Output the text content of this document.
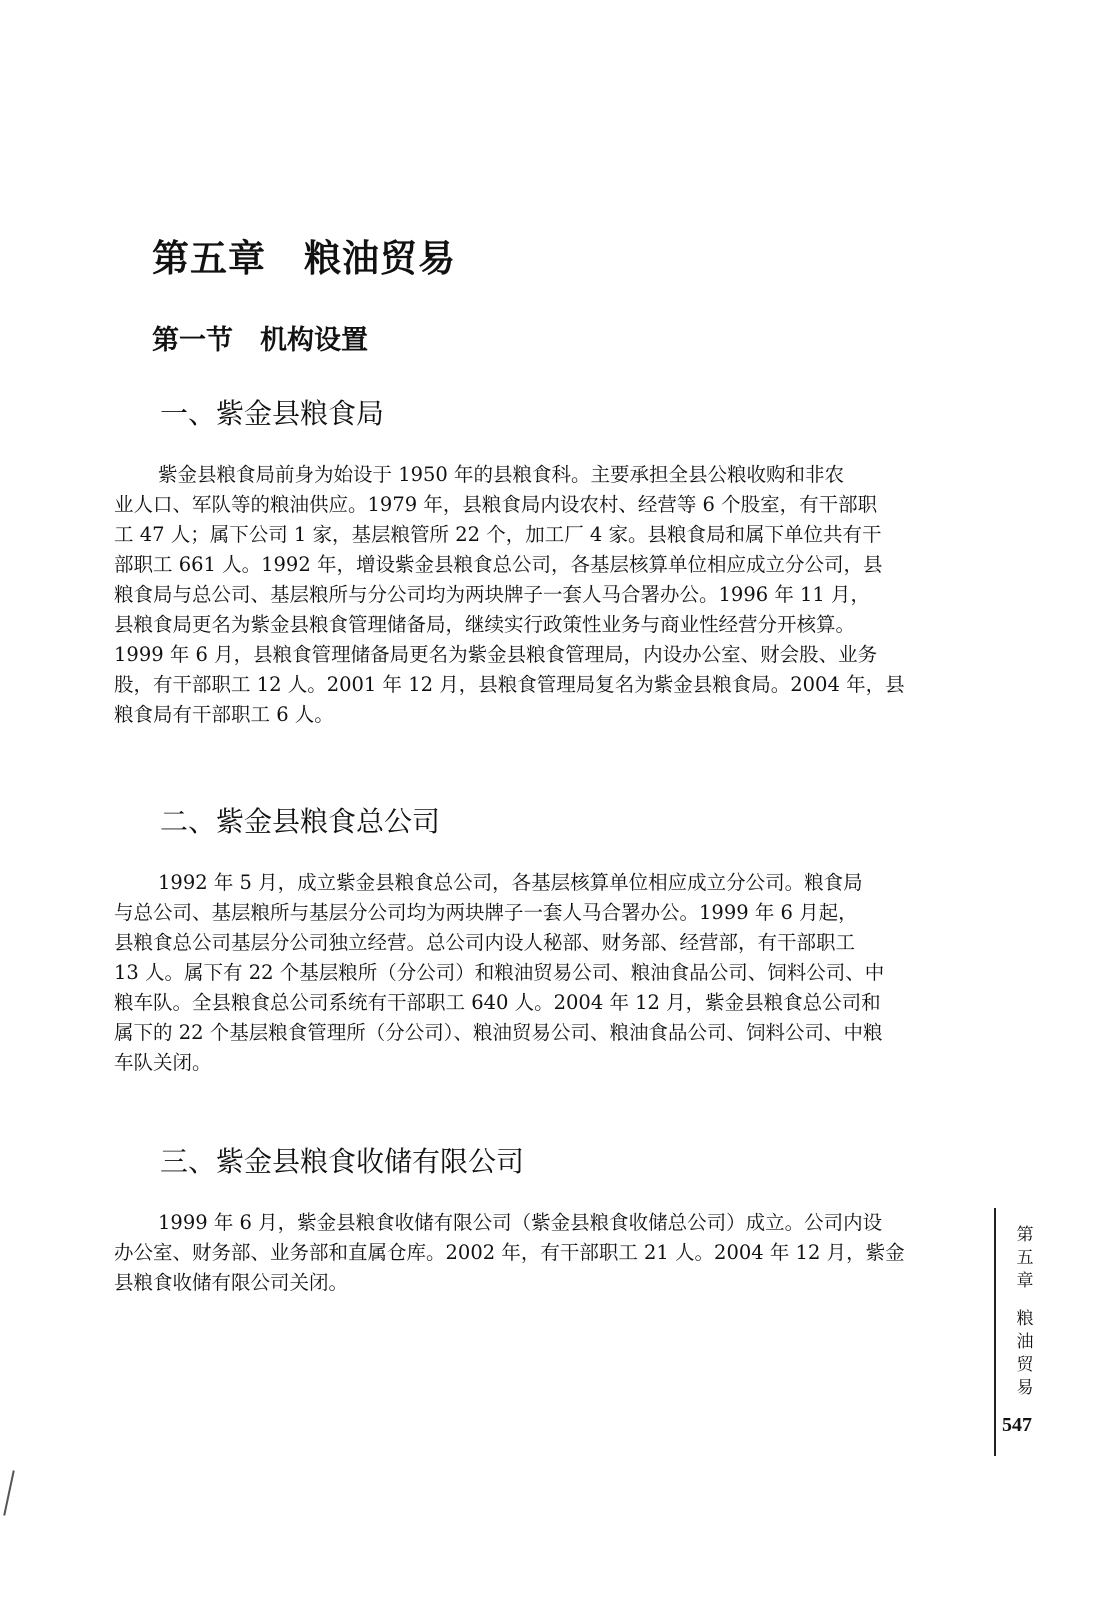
第五章　粮油贸易
第一节　机构设置
一、紫金县粮食局
紫金县粮食局前身为始设于 1950 年的县粮食科。主要承担全县公粮收购和非农
业人口、军队等的粮油供应。1979 年，县粮食局内设农村、经营等 6 个股室，有干部职
工 47 人；属下公司 1 家，基层粮管所 22 个，加工厂 4 家。县粮食局和属下单位共有干
部职工 661 人。1992 年，增设紫金县粮食总公司，各基层核算单位相应成立分公司，县
粮食局与总公司、基层粮所与分公司均为两块牌子一套人马合署办公。1996 年 11 月，
县粮食局更名为紫金县粮食管理储备局，继续实行政策性业务与商业性经营分开核算。
1999 年 6 月，县粮食管理储备局更名为紫金县粮食管理局，内设办公室、财会股、业务
股，有干部职工 12 人。2001 年 12 月，县粮食管理局复名为紫金县粮食局。2004 年，县
粮食局有干部职工 6 人。
二、紫金县粮食总公司
1992 年 5 月，成立紫金县粮食总公司，各基层核算单位相应成立分公司。粮食局
与总公司、基层粮所与基层分公司均为两块牌子一套人马合署办公。1999 年 6 月起，
县粮食总公司基层分公司独立经营。总公司内设人秘部、财务部、经营部，有干部职工
13 人。属下有 22 个基层粮所（分公司）和粮油贸易公司、粮油食品公司、饲料公司、中
粮车队。全县粮食总公司系统有干部职工 640 人。2004 年 12 月，紫金县粮食总公司和
属下的 22 个基层粮食管理所（分公司）、粮油贸易公司、粮油食品公司、饲料公司、中粮
车队关闭。
三、紫金县粮食收储有限公司
1999 年 6 月，紫金县粮食收储有限公司（紫金县粮食收储总公司）成立。公司内设
办公室、财务部、业务部和直属仓库。2002 年，有干部职工 21 人。2004 年 12 月，紫金
县粮食收储有限公司关闭。
第
五
章
粮
油
贸
易
547
